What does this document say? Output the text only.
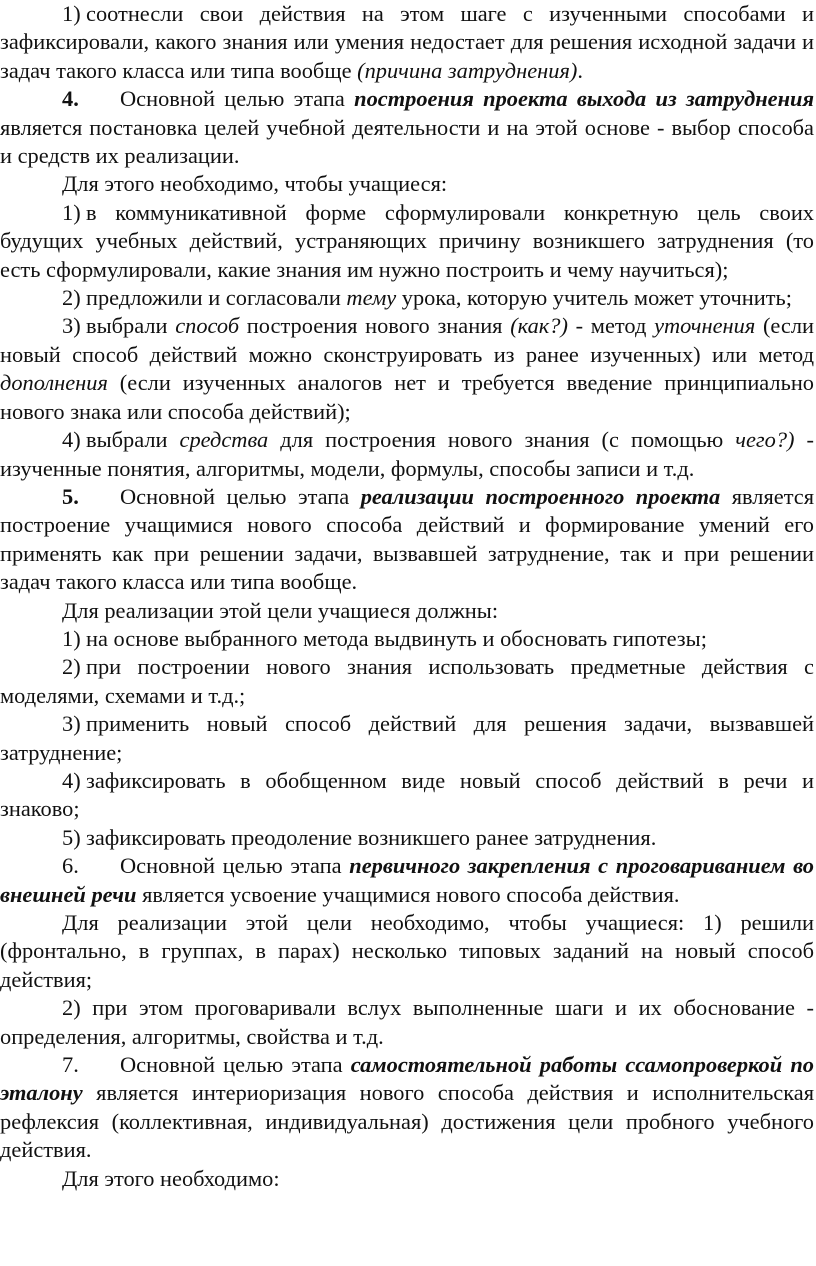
1) соотнесли свои действия на этом шаге с изученными способами и зафиксировали, какого знания или умения недостает для решения исходной задачи и задач такого класса или типа вообще (причина затруднения).

4. Основной целью этапа построения проекта выхода из затруднения является постановка целей учебной деятельности и на этой основе - выбор способа и средств их реализации.

Для этого необходимо, чтобы учащиеся:

1) в коммуникативной форме сформулировали конкретную цель своих будущих учебных действий, устраняющих причину возникшего затруднения (то есть сформулировали, какие знания им нужно построить и чему научиться);

2) предложили и согласовали тему урока, которую учитель может уточнить;

3) выбрали способ построения нового знания (как?) - метод уточнения (если новый способ действий можно сконструировать из ранее изученных) или метод дополнения (если изученных аналогов нет и требуется введение принципиально нового знака или способа действий);

4) выбрали средства для построения нового знания (с помощью чего?) - изученные понятия, алгоритмы, модели, формулы, способы записи и т.д.

5. Основной целью этапа реализации построенного проекта является построение учащимися нового способа действий и формирование умений его применять как при решении задачи, вызвавшей затруднение, так и при решении задач такого класса или типа вообще.

Для реализации этой цели учащиеся должны:

1) на основе выбранного метода выдвинуть и обосновать гипотезы;

2) при построении нового знания использовать предметные действия с моделями, схемами и т.д.;

3) применить новый способ действий для решения задачи, вызвавшей затруднение;

4) зафиксировать в обобщенном виде новый способ действий в речи и знаково;

5) зафиксировать преодоление возникшего ранее затруднения.

6. Основной целью этапа первичного закрепления с проговариванием во внешней речи является усвоение учащимися нового способа действия.

Для реализации этой цели необходимо, чтобы учащиеся: 1) решили (фронтально, в группах, в парах) несколько типовых заданий на новый способ действия;

2) при этом проговаривали вслух выполненные шаги и их обоснование - определения, алгоритмы, свойства и т.д.

7. Основной целью этапа самостоятельной работы ссамопроверкой по эталону является интериоризация нового способа действия и исполнительская рефлексия (коллективная, индивидуальная) достижения цели пробного учебного действия.

Для этого необходимо:
